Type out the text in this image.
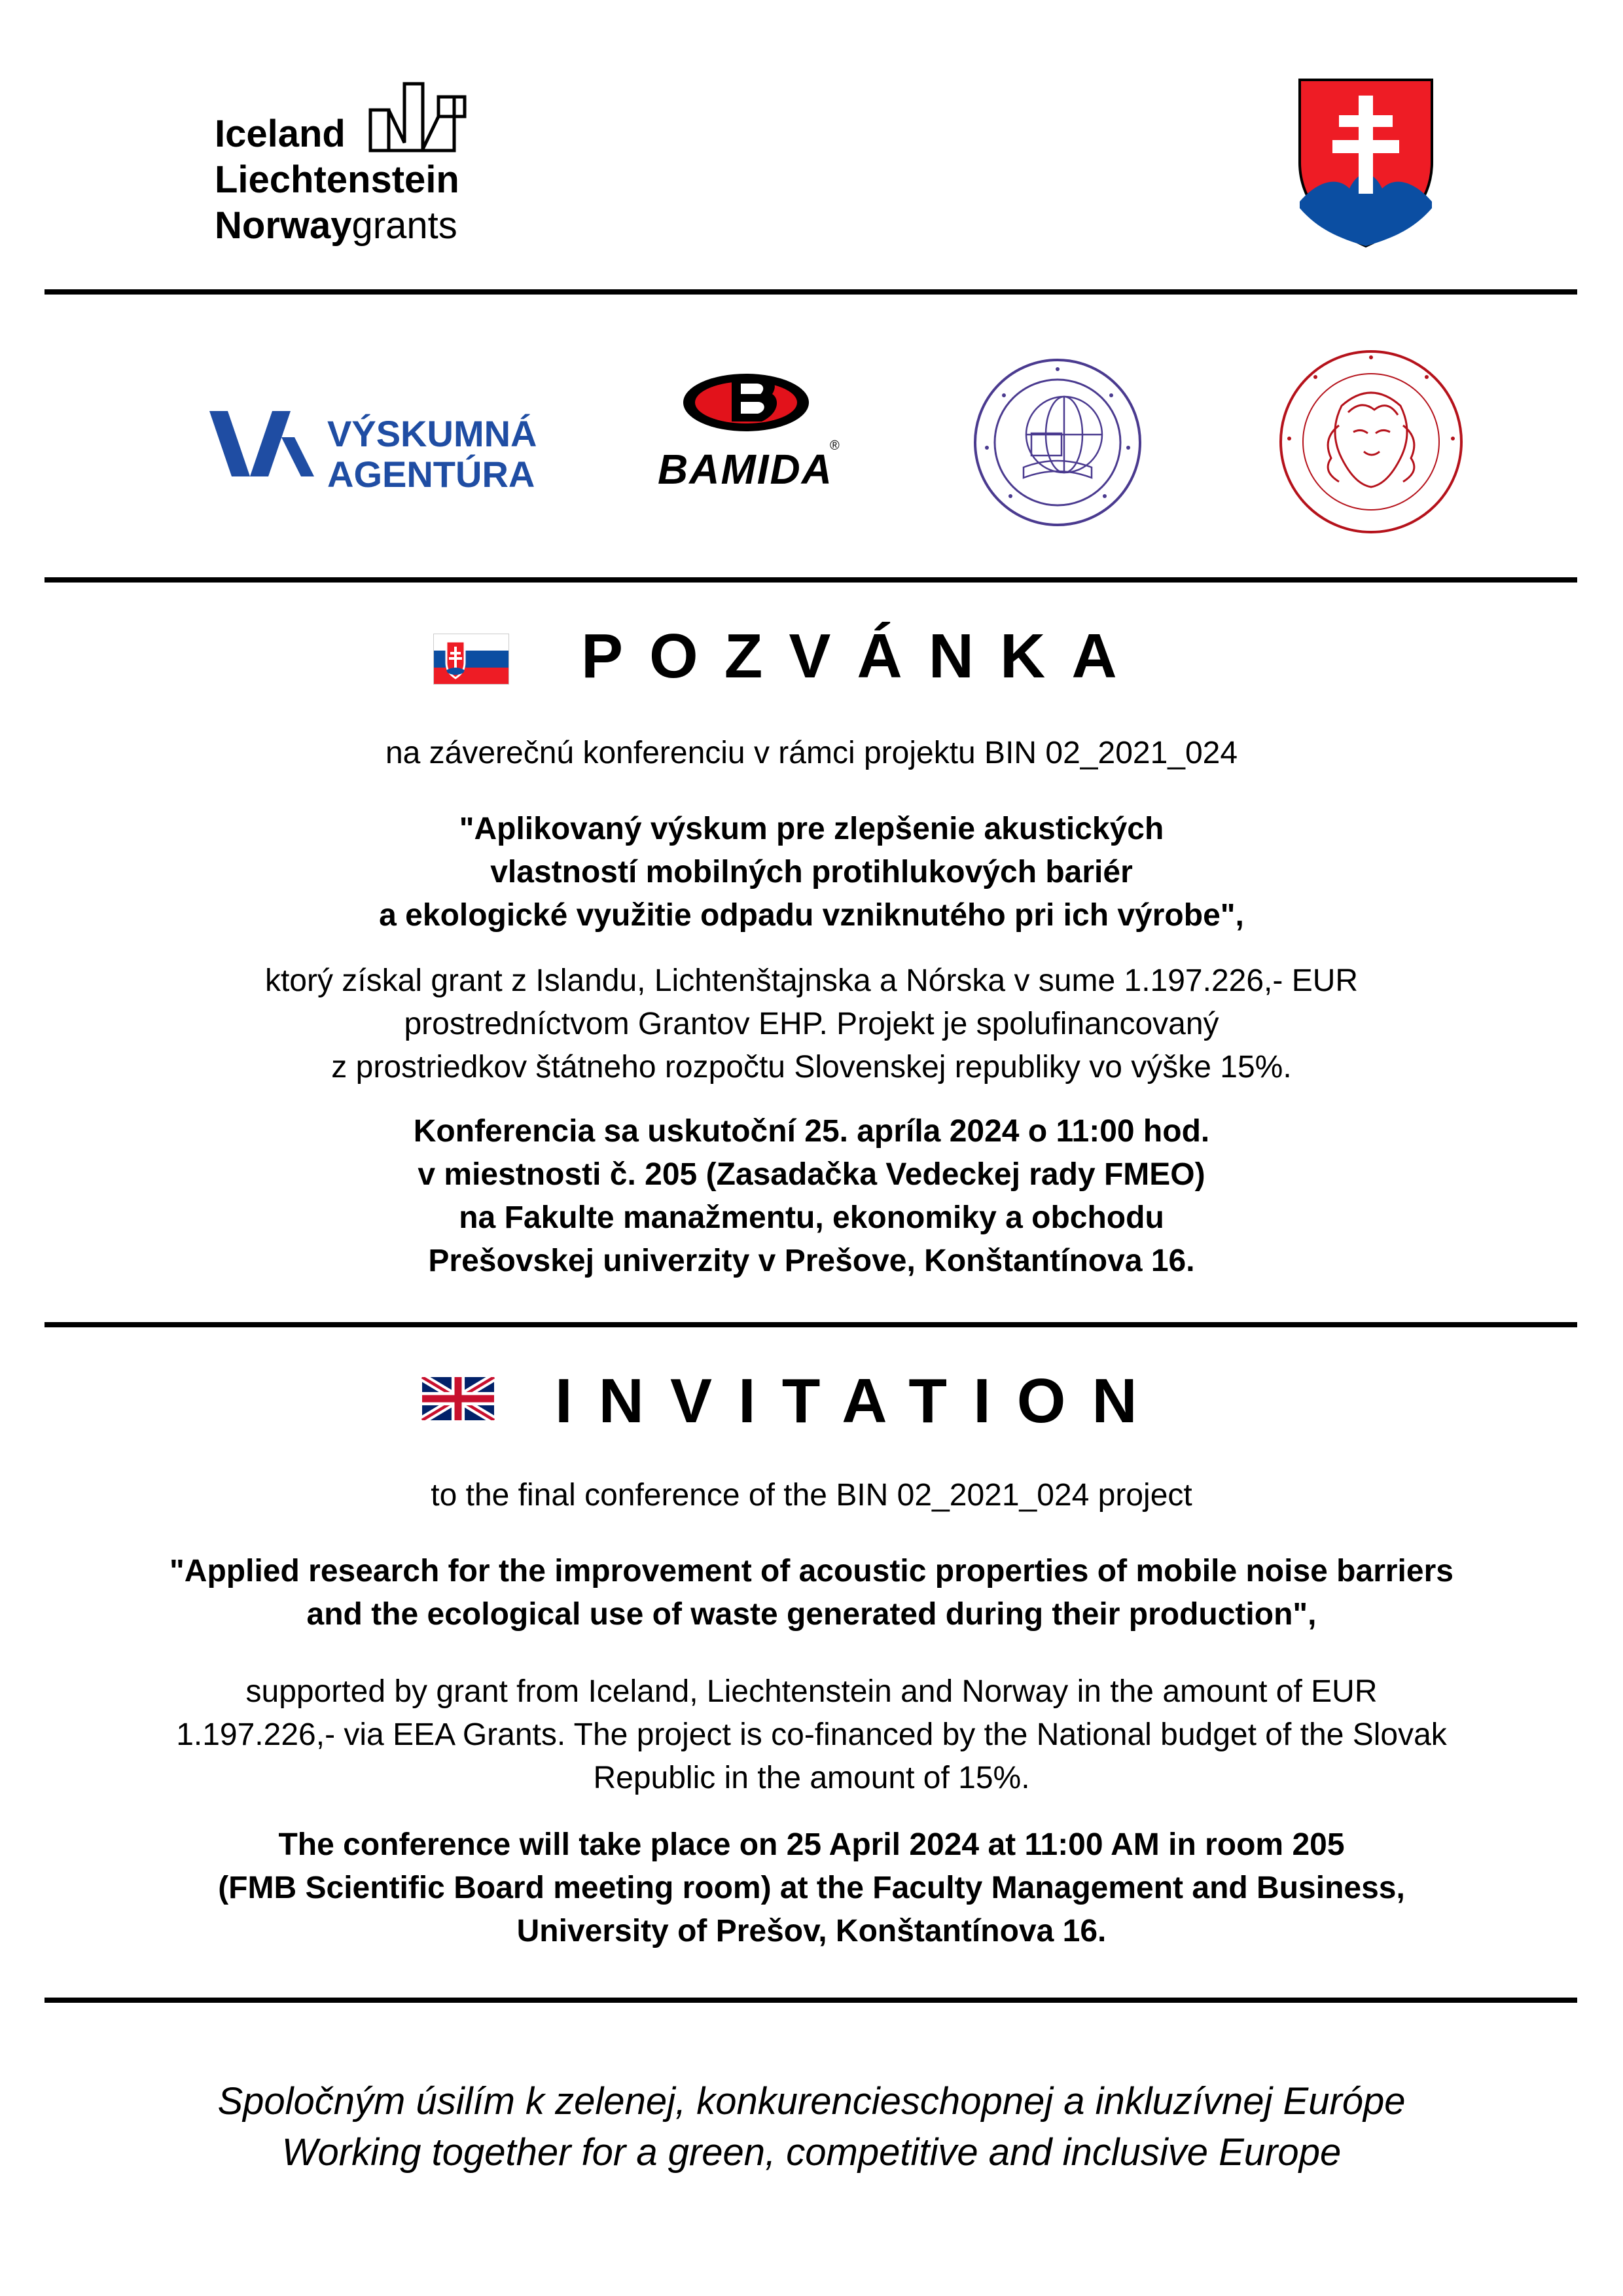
Iceland
Liechtenstein
Norwaygrants
VÝSKUMNÁ
AGENTÚRA	BAMIDA
®
POZVÁNKA
na záverečnú konferenciu v rámci projektu BIN 02_2021_024
"Aplikovaný výskum pre zlepšenie akustických
vlastností mobilných protihlukových bariér
a ekologické využitie odpadu vzniknutého pri ich výrobe",
ktorý získal grant z Islandu, Lichtenštajnska a Nórska v sume 1.197.226,- EUR
prostredníctvom Grantov EHP. Projekt je spolufinancovaný
z prostriedkov štátneho rozpočtu Slovenskej republiky vo výške 15%.
Konferencia sa uskutoční 25. apríla 2024 o 11:00 hod.
v miestnosti č. 205 (Zasadačka Vedeckej rady FMEO)
na Fakulte manažmentu, ekonomiky a obchodu
Prešovskej univerzity v Prešove, Konštantínova 16.
INVITATION
to the final conference of the BIN 02_2021_024 project
"Applied research for the improvement of acoustic properties of mobile noise barriers
and the ecological use of waste generated during their production",
supported by grant from Iceland, Liechtenstein and Norway in the amount of EUR
1.197.226,- via EEA Grants. The project is co-financed by the National budget of the Slovak
Republic in the amount of 15%.
The conference will take place on 25 April 2024 at 11:00 AM in room 205
(FMB Scientific Board meeting room) at the Faculty Management and Business,
University of Prešov, Konštantínova 16.
Spoločným úsilím k zelenej, konkurencieschopnej a inkluzívnej Európe
Working together for a green, competitive and inclusive Europe
